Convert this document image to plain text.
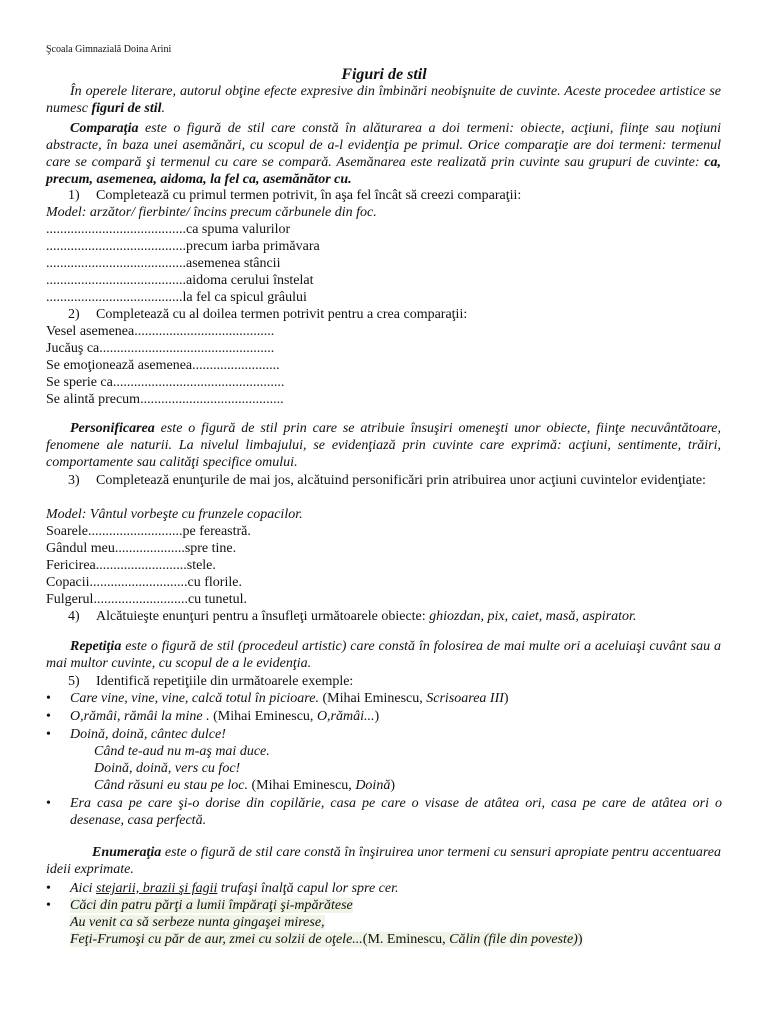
Şcoala Gimnazială Doina Arini
Figuri de stil
În operele literare, autorul obţine efecte expresive din îmbinări neobişnuite de cuvinte. Aceste procedee artistice se numesc figuri de stil.
Comparaţia este o figură de stil care constă în alăturarea a doi termeni: obiecte, acţiuni, fiinţe sau noţiuni abstracte, în baza unei asemănări, cu scopul de a-l evidenţia pe primul. Orice comparaţie are doi termeni: termenul care se compară şi termenul cu care se compară. Asemănarea este realizată prin cuvinte sau grupuri de cuvinte: ca, precum, asemenea, aidoma, la fel ca, asemănător cu.
1) Completează cu primul termen potrivit, în aşa fel încât să creezi comparaţii:
Model: arzător/ fierbinte/ încins precum cărbunele din foc.
........................................ca spuma valurilor
........................................precum iarba primăvara
........................................asemenea stâncii
........................................aidoma cerului înstelat
.......................................la fel ca spicul grâului
2) Completează cu al doilea termen potrivit pentru a crea comparaţii:
Vesel asemenea........................................
Jucăuş ca..................................................
Se emoţionează asemenea.........................
Se sperie ca.................................................
Se alintă precum.........................................
Personificarea este o figură de stil prin care se atribuie însuşiri omeneşti unor obiecte, fiinţe necuvântătoare, fenomene ale naturii. La nivelul limbajului, se evidenţiază prin cuvinte care exprimă: acţiuni, sentimente, trăiri, comportamente sau calităţi specifice omului.
3) Completează enunţurile de mai jos, alcătuind personificări prin atribuirea unor acţiuni cuvintelor evidenţiate:
Model: Vântul vorbeşte cu frunzele copacilor.
Soarele...........................pe fereastră.
Gândul meu....................spre tine.
Fericirea..........................stele.
Copacii............................cu florile.
Fulgerul...........................cu tunetul.
4) Alcătuieşte enunţuri pentru a însufleţi următoarele obiecte: ghiozdan, pix, caiet, masă, aspirator.
Repetiţia este o figură de stil (procedeul artistic) care constă în folosirea de mai multe ori a aceluiaşi cuvânt sau a mai multor cuvinte, cu scopul de a le evidenţia.
5) Identifică repetiţiile din următoarele exemple:
•	Care vine, vine, vine, calcă totul în picioare. (Mihai Eminescu, Scrisoarea III)
•	O,rămâi, rămâi la mine . (Mihai Eminescu, O,rămâi...)
•	Doină, doină, cântec dulce!
Când te-aud nu m-aş mai duce.
Doină, doină, vers cu foc!
Când răsuni eu stau pe loc. (Mihai Eminescu, Doină)
•	Era casa pe care şi-o dorise din copilărie, casa pe care o visase de atâtea ori, casa pe care de atâtea ori o desenase, casa perfectă.
Enumeraţia este o figură de stil care constă în înşiruirea unor termeni cu sensuri apropiate pentru accentuarea ideii exprimate.
•	Aici stejarii, brazii şi fagii trufaşi înalţă capul lor spre cer.
•	Căci din patru părţi a lumii împăraţi şi-mpărătese
Au venit ca să serbeze nunta gingaşei mirese,
Feţi-Frumoşi cu păr de aur, zmei cu solzii de oţele...(M. Eminescu, Călin (file din poveste))
